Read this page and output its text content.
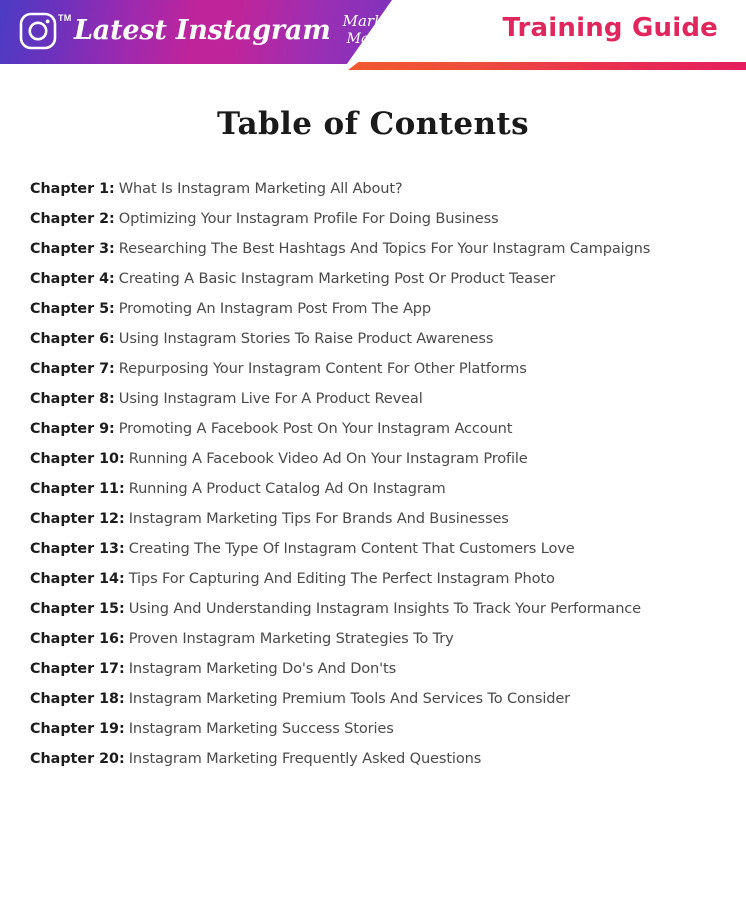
TM Latest Instagram Marketing
Made Easy	Training Guide
Table of Contents
Chapter 1: What Is Instagram Marketing All About?
Chapter 2: Optimizing Your Instagram Profile For Doing Business
Chapter 3: Researching The Best Hashtags And Topics For Your Instagram Campaigns
Chapter 4: Creating A Basic Instagram Marketing Post Or Product Teaser
Chapter 5: Promoting An Instagram Post From The App
Chapter 6: Using Instagram Stories To Raise Product Awareness
Chapter 7: Repurposing Your Instagram Content For Other Platforms
Chapter 8: Using Instagram Live For A Product Reveal
Chapter 9: Promoting A Facebook Post On Your Instagram Account
Chapter 10: Running A Facebook Video Ad On Your Instagram Profile
Chapter 11: Running A Product Catalog Ad On Instagram
Chapter 12: Instagram Marketing Tips For Brands And Businesses
Chapter 13: Creating The Type Of Instagram Content That Customers Love
Chapter 14: Tips For Capturing And Editing The Perfect Instagram Photo
Chapter 15: Using And Understanding Instagram Insights To Track Your Performance
Chapter 16: Proven Instagram Marketing Strategies To Try
Chapter 17: Instagram Marketing Do's And Don'ts
Chapter 18: Instagram Marketing Premium Tools And Services To Consider
Chapter 19: Instagram Marketing Success Stories
Chapter 20: Instagram Marketing Frequently Asked Questions
